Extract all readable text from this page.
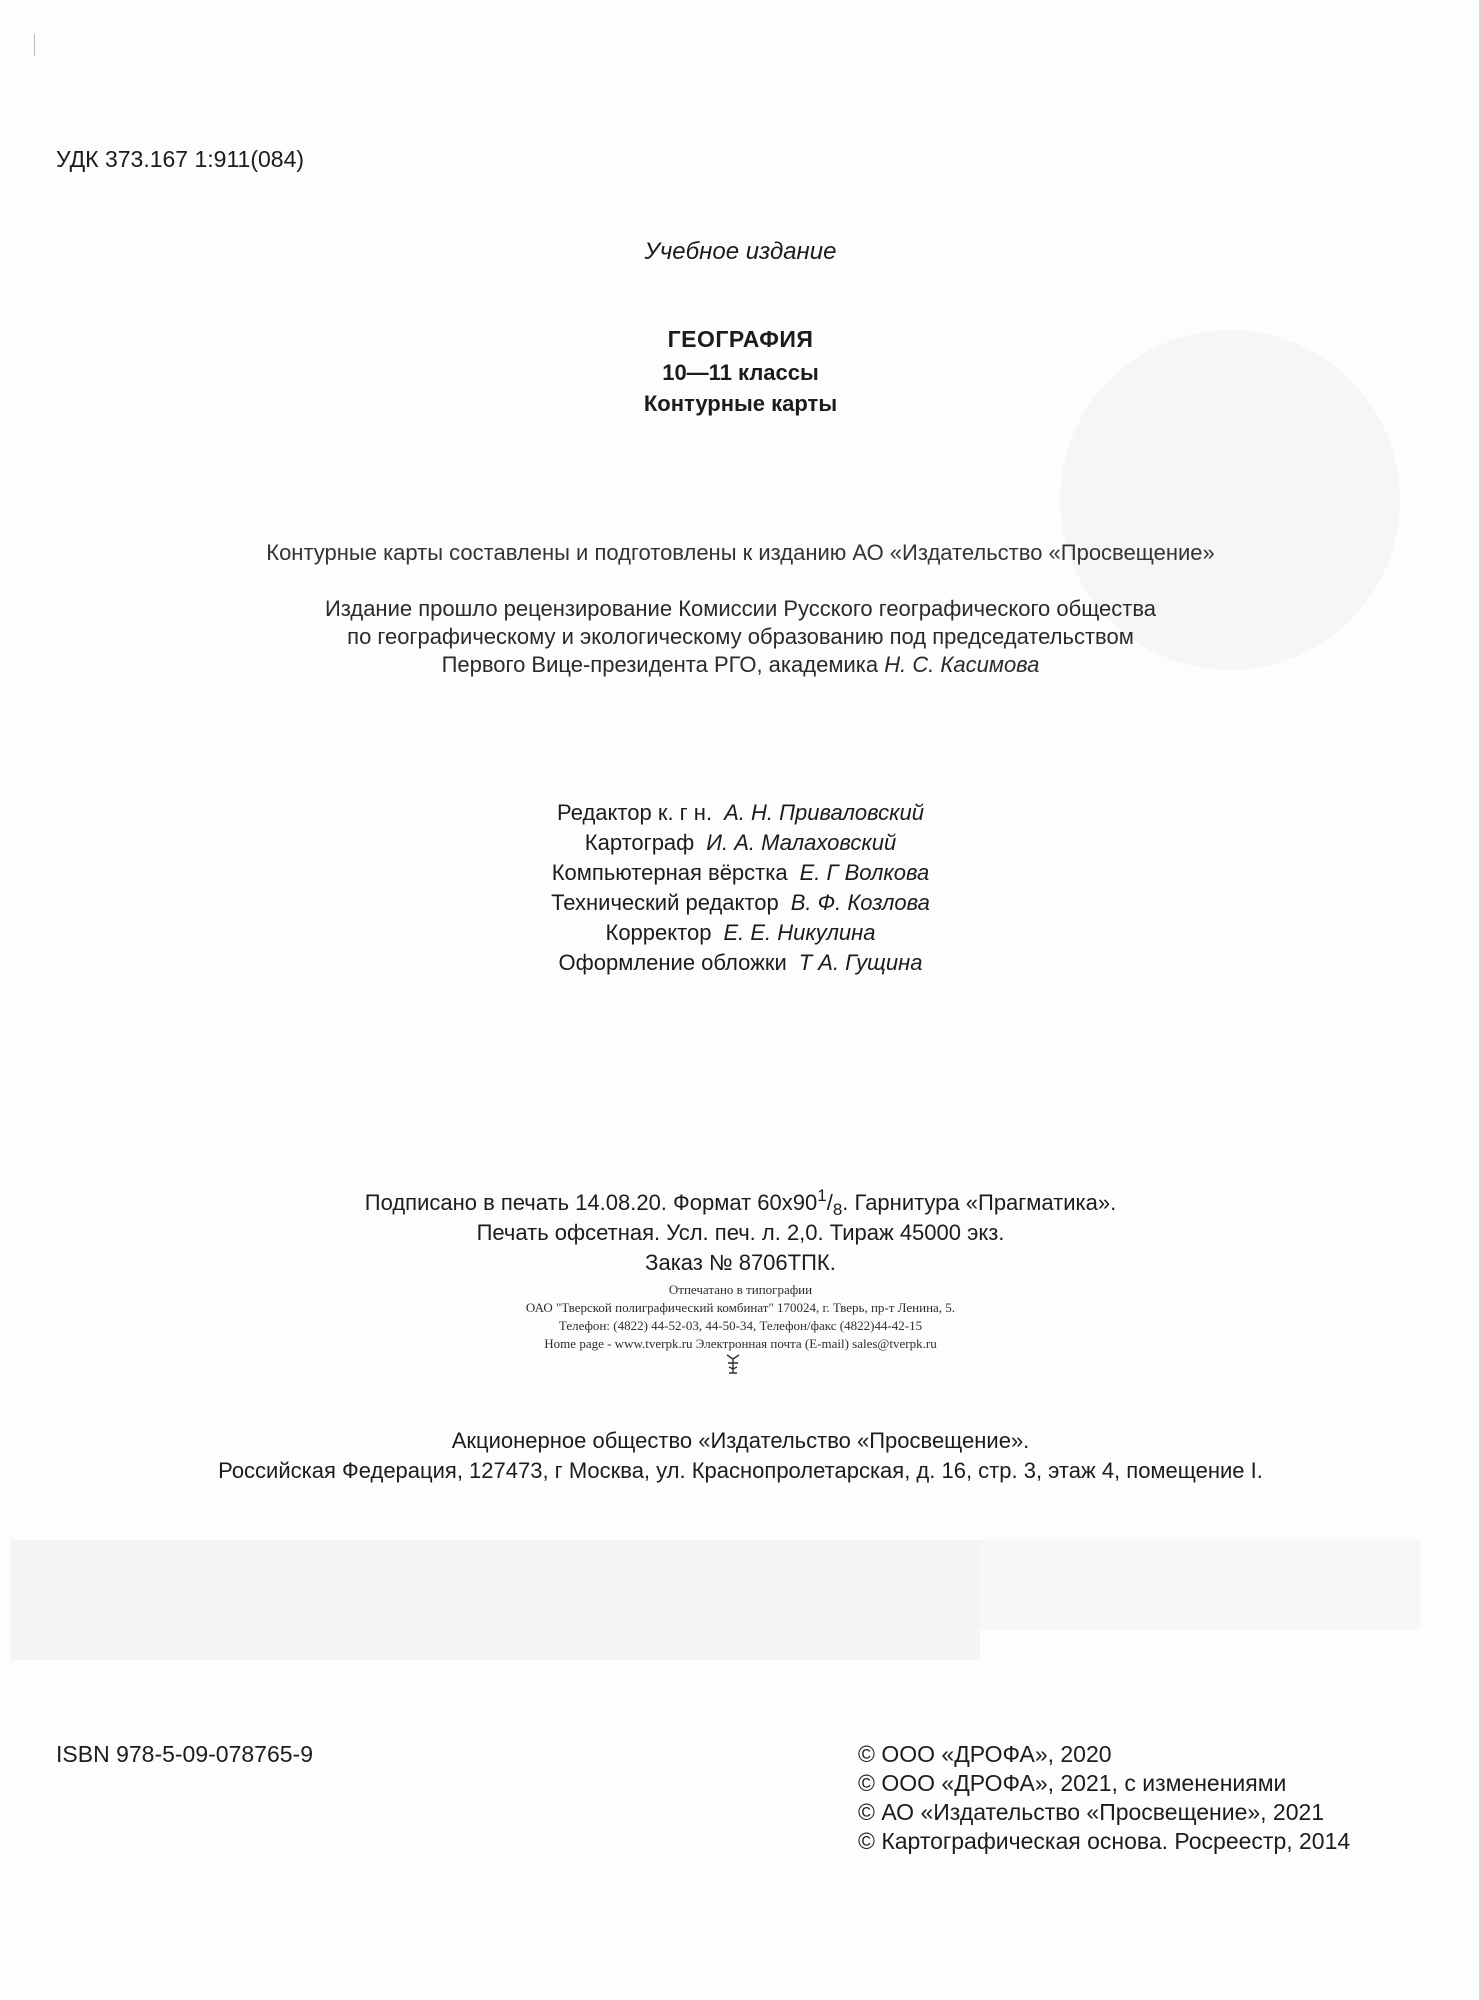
УДК 373.167 1:911(084)
Учебное издание
ГЕОГРАФИЯ
10—11 классы
Контурные карты
Контурные карты составлены и подготовлены к изданию АО «Издательство «Просвещение»
Издание прошло рецензирование Комиссии Русского географического общества
по географическому и экологическому образованию под председательством
Первого Вице-президента РГО, академика Н. С. Касимова
Редактор к. г н. А. Н. Приваловский
Картограф И. А. Малаховский
Компьютерная вёрстка Е. Г Волкова
Технический редактор В. Ф. Козлова
Корректор Е. Е. Никулина
Оформление обложки Т А. Гущина
Подписано в печать 14.08.20. Формат $60x90^1/_8$. Гарнитура «Прагматика».
Печать офсетная. Усл. печ. л. 2,0. Тираж 45000 экз.
Заказ № 8706ТПК.
Отпечатано в типографии
ОАО "Тверской полиграфический комбинат" 170024, г. Тверь, пр-т Ленина, 5.
Телефон: (4822) 44-52-03, 44-50-34, Телефон/факс (4822)44-42-15
Home page - www.tverpk.ru Электронная почта (E-mail) sales@tverpk.ru
Акционерное общество «Издательство «Просвещение».
Российская Федерация, 127473, г Москва, ул. Краснопролетарская, д. 16, стр. 3, этаж 4, помещение I.
ISBN 978-5-09-078765-9	© ООО «ДРОФА», 2020
© ООО «ДРОФА», 2021, с изменениями
© АО «Издательство «Просвещение», 2021
© Картографическая основа. Росреестр, 2014
